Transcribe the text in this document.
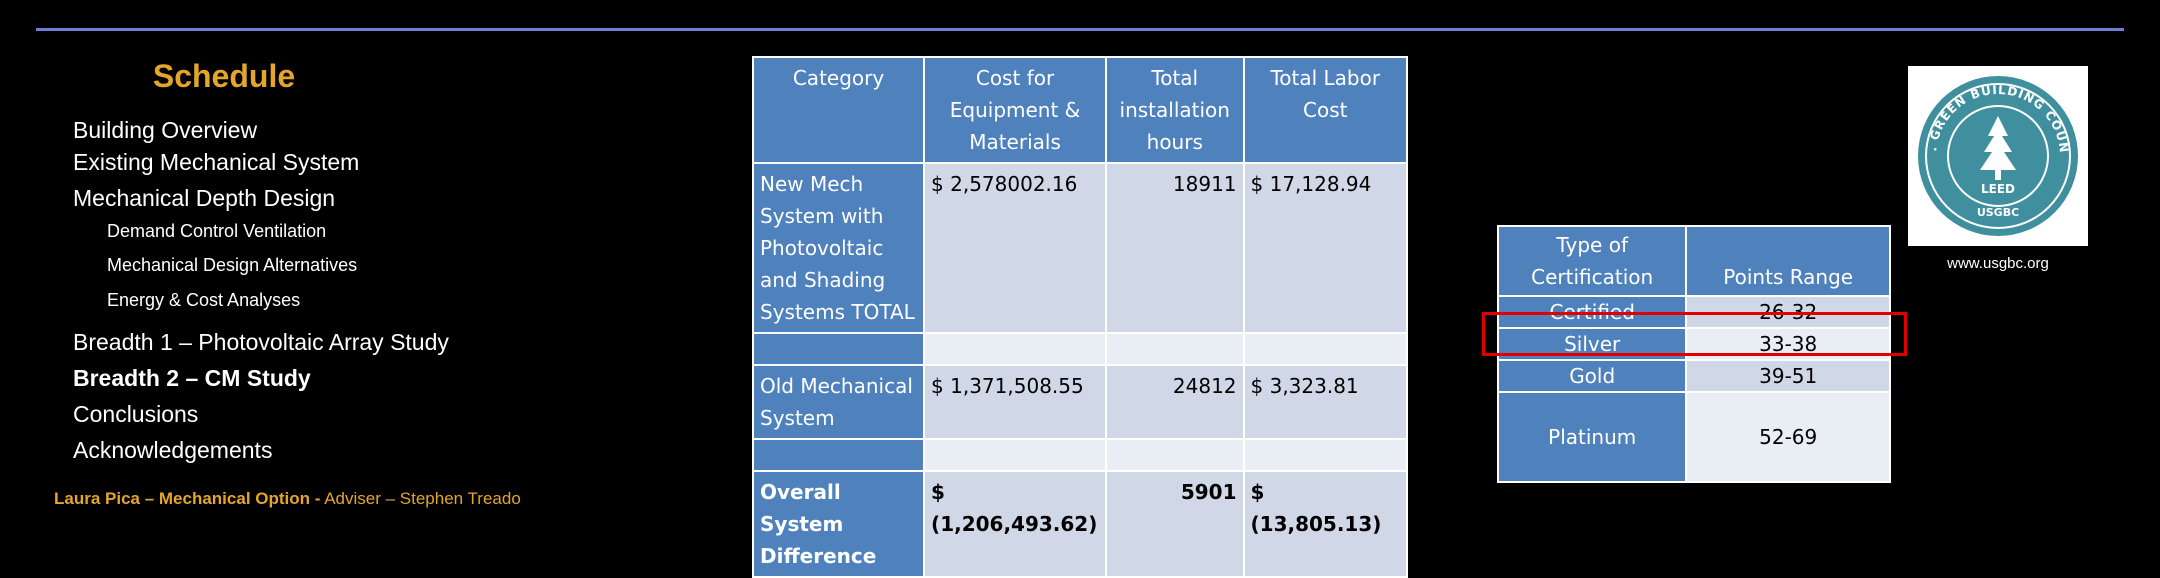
Schedule
Building Overview
Existing Mechanical System
Mechanical Depth Design
Demand Control Ventilation
Mechanical Design Alternatives
Energy & Cost Analyses
Breadth 1 – Photovoltaic Array Study
Breadth 2 – CM Study
Conclusions
Acknowledgements
Laura Pica – Mechanical Option - Adviser – Stephen Treado
Category	Cost for Equipment & Materials	Total installation hours	Total Labor Cost
New Mech System with Photovoltaic and Shading Systems TOTAL	$ 2,578002.16	18911	$ 17,128.94

Old Mechanical System	$ 1,371,508.55	24812	$ 3,323.81

Overall System Difference	$ (1,206,493.62)	5901	$ (13,805.13)
Type of Certification	Points Range
Certified	26-32
Silver	33-38
Gold	39-51
Platinum	52-69
. GREEN BUILDING COUN
LEED
USGBC
www.usgbc.org
